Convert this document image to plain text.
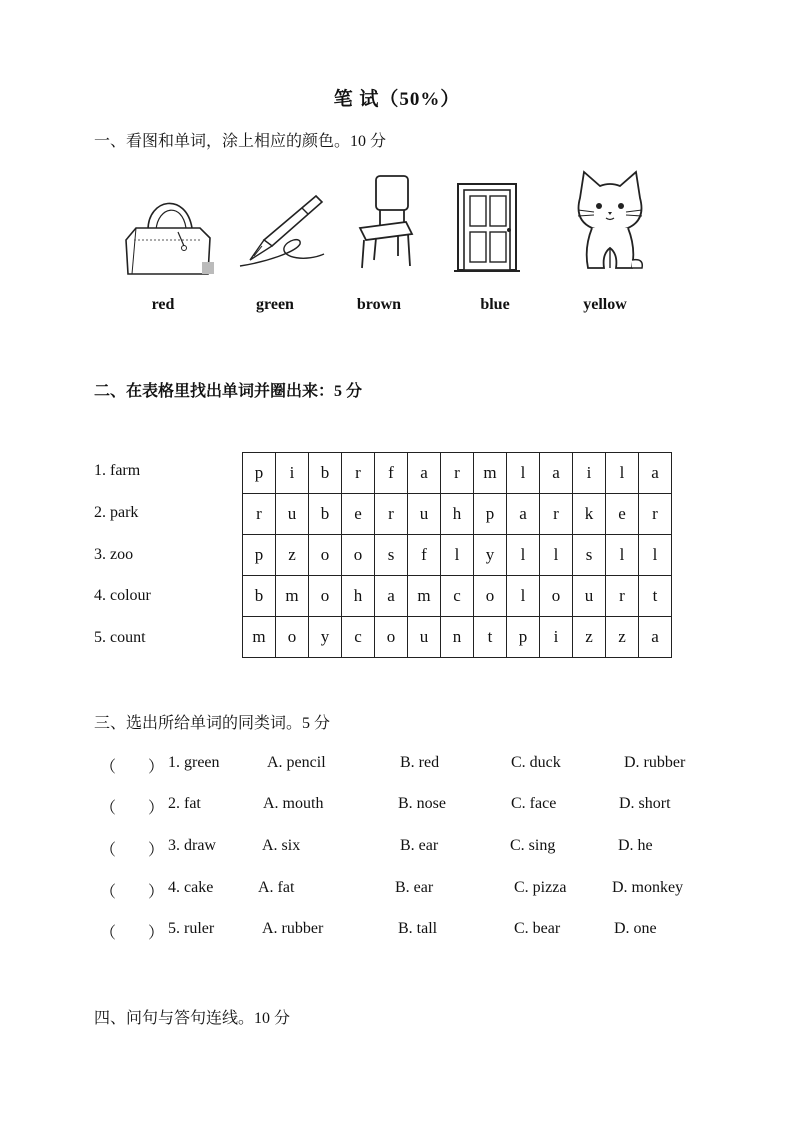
笔 试（50%）
一、看图和单词，涂上相应的颜色。10 分
red	green	brown	blue	yellow
二、在表格里找出单词并圈出来：5 分
1. farm
2. park
3. zoo
4. colour
5. count
p	i	b	r	f	a	r	m	l	a	i	l	a
r	u	b	e	r	u	h	p	a	r	k	e	r
p	z	o	o	s	f	l	y	l	l	s	l	l
b	m	o	h	a	m	c	o	l	o	u	r	t
m	o	y	c	o	u	n	t	p	i	z	z	a
三、选出所给单词的同类词。5 分
（　　） 1. green	A. pencil	B. red	C. duck	D. rubber
（　　） 2. fat	A. mouth	B. nose	C. face	D. short
（　　） 3. draw	A. six	B. ear	C. sing	D. he
（　　） 4. cake	A. fat	B. ear	C. pizza	D. monkey
（　　） 5. ruler	A. rubber	B. tall	C. bear	D. one
四、问句与答句连线。10 分
